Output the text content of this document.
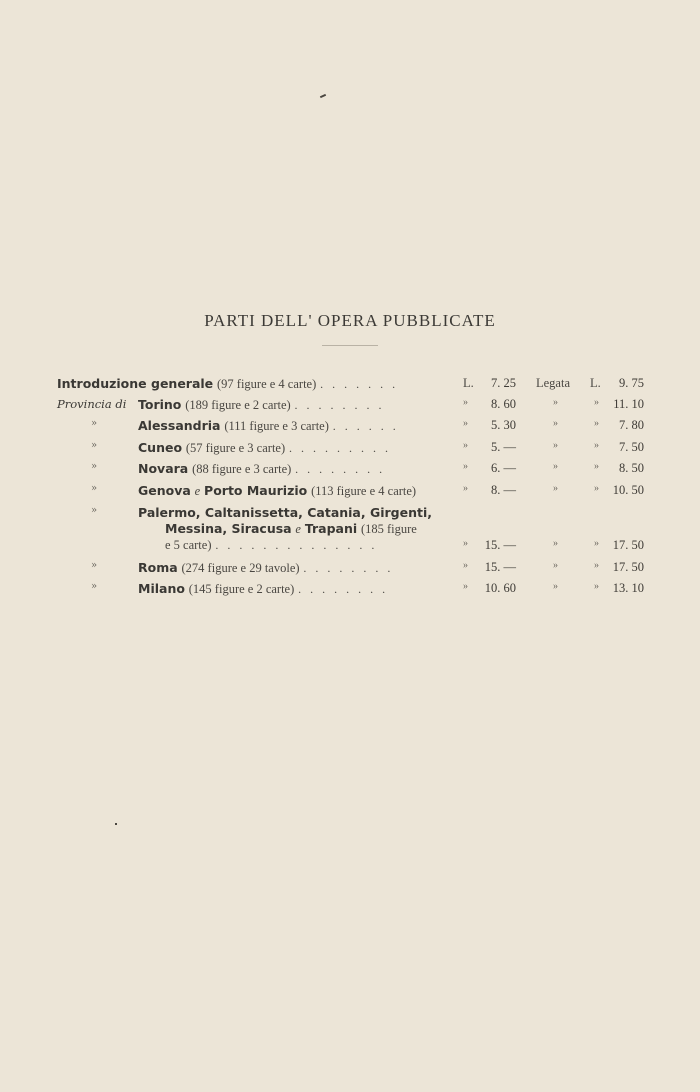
PARTI DELL' OPERA PUBBLICATE
Introduzione generale (97 figure e 4 carte) . . . . . . .	L.	7. 25 Legata L.	9. 75
Provincia di Torino (189 figure e 2 carte) . . . . . . . .	»	8. 60	»	»	11. 10
»	Alessandria (111 figure e 3 carte) . . . . . .	»	5. 30	»	»	7. 80
»	Cuneo (57 figure e 3 carte) . . . . . . . . .	»	5. —	»	»	7. 50
»	Novara (88 figure e 3 carte) . . . . . . . .	»	6. —	»	»	8. 50
»	Genova e Porto Maurizio (113 figure e 4 carte)	»	8. —	»	»	10. 50
»	Palermo, Caltanissetta, Catania, Girgenti,
Messina, Siracusa e Trapani (185 figure
e 5 carte) . . . . . . . . . . . . . .	»	15. —	»	»	17. 50
»	Roma (274 figure e 29 tavole) . . . . . . . .	»	15. —	»	»	17. 50
»	Milano (145 figure e 2 carte) . . . . . . . .	»	10. 60	»	»	13. 10
